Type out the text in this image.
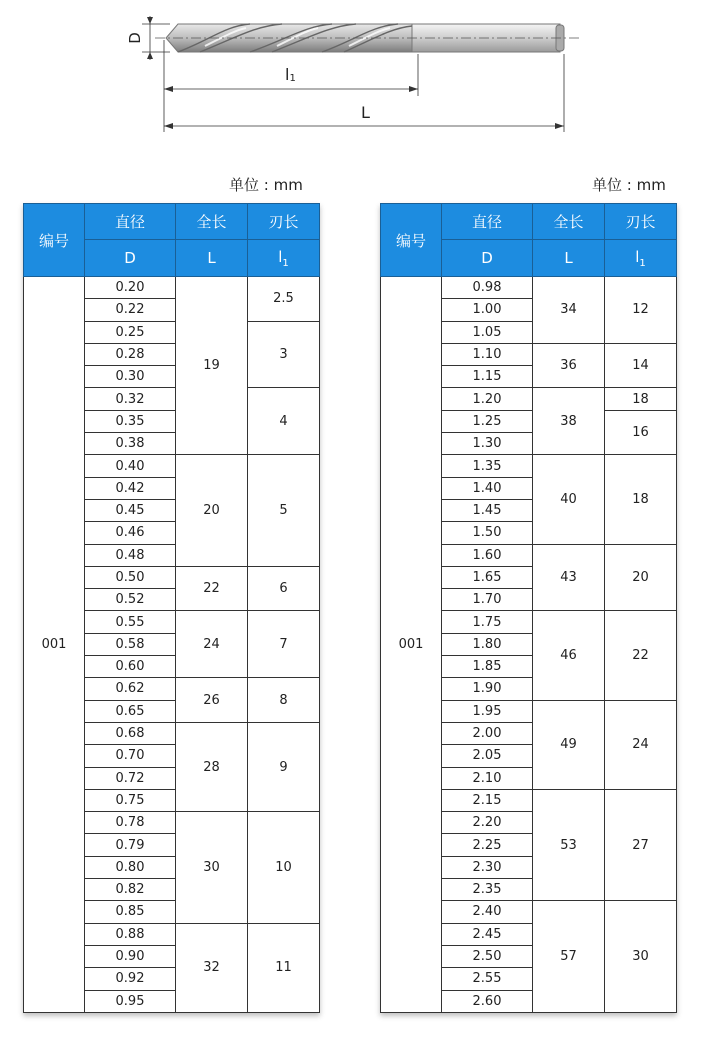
D
l1
L
单位 : mm	单位 : mm
编号	直径	全长	刃长
	D	L	$l_1$
001	0.20	19	2.5
	0.22		
	0.25		3
	0.28		
	0.30		
	0.32		4
	0.35		
	0.38		
	0.40	20	5
	0.42		
	0.45		
	0.46		
	0.48		
	0.50	22	6
	0.52		
	0.55	24	7
	0.58		
	0.60		
	0.62	26	8
	0.65		
	0.68	28	9
	0.70		
	0.72		
	0.75		
	0.78	30	10
	0.79		
	0.80		
	0.82		
	0.85		
	0.88	32	11
	0.90		
	0.92		
	0.95		
编号	直径	全长	刃长
	D	L	$l_1$
001	0.98	34	12
	1.00		
	1.05		
	1.10	36	14
	1.15		
	1.20	38	18
	1.25		16
	1.30		
	1.35	40	18
	1.40		
	1.45		
	1.50		
	1.60	43	20
	1.65		
	1.70		
	1.75	46	22
	1.80		
	1.85		
	1.90		
	1.95	49	24
	2.00		
	2.05		
	2.10		
	2.15	53	27
	2.20		
	2.25		
	2.30		
	2.35		
	2.40	57	30
	2.45		
	2.50		
	2.55		
	2.60		
